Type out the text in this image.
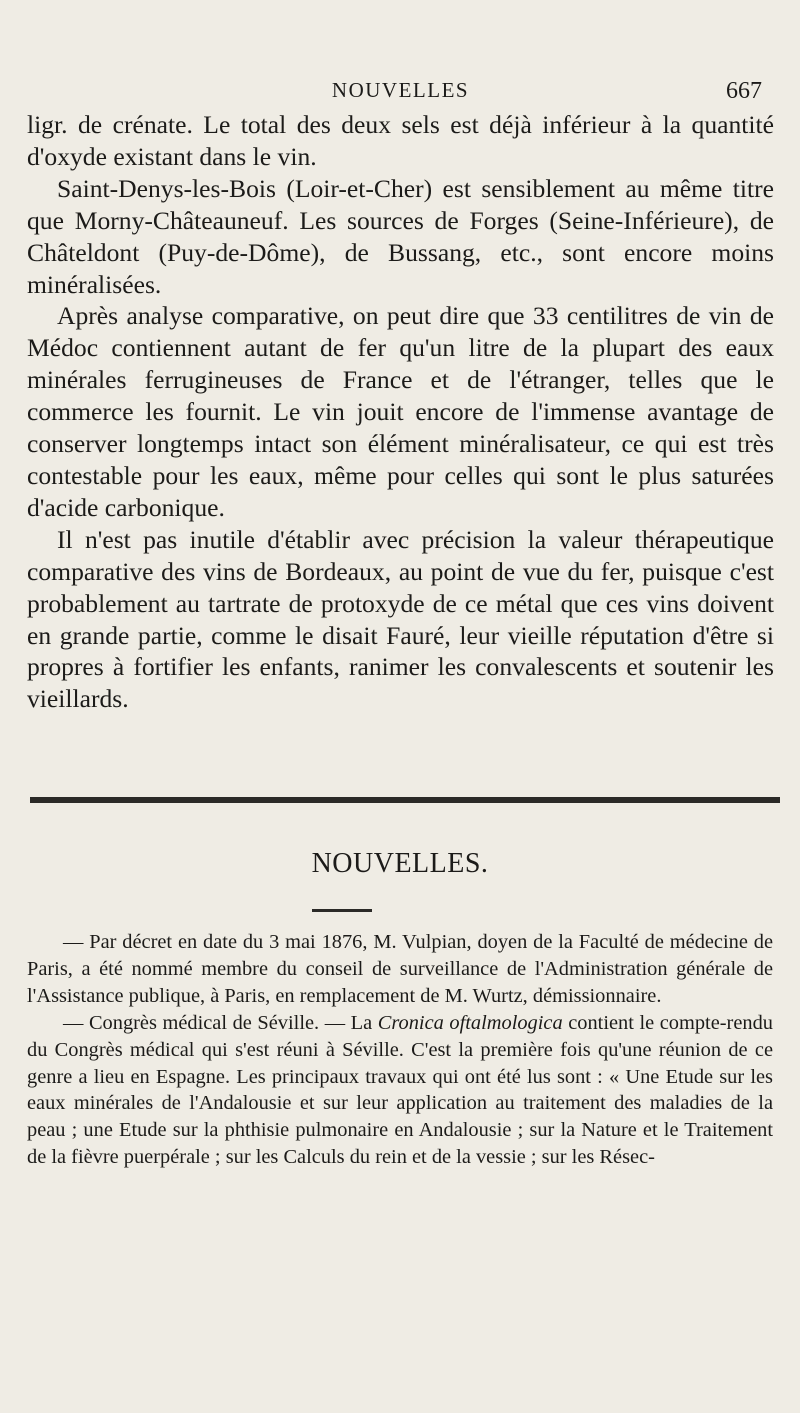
NOUVELLES	667

ligr. de crénate. Le total des deux sels est déjà inférieur à la quantité d'oxyde existant dans le vin.

Saint-Denys-les-Bois (Loir-et-Cher) est sensiblement au même titre que Morny-Châteauneuf. Les sources de Forges (Seine-Inférieure), de Châteldont (Puy-de-Dôme), de Bussang, etc., sont encore moins minéralisées.

Après analyse comparative, on peut dire que 33 centilitres de vin de Médoc contiennent autant de fer qu'un litre de la plupart des eaux minérales ferrugineuses de France et de l'étranger, telles que le commerce les fournit. Le vin jouit encore de l'immense avantage de conserver longtemps intact son élément minéralisateur, ce qui est très contestable pour les eaux, même pour celles qui sont le plus saturées d'acide carbonique.

Il n'est pas inutile d'établir avec précision la valeur thérapeutique comparative des vins de Bordeaux, au point de vue du fer, puisque c'est probablement au tartrate de protoxyde de ce métal que ces vins doivent en grande partie, comme le disait Fauré, leur vieille réputation d'être si propres à fortifier les enfants, ranimer les convalescents et soutenir les vieillards.

NOUVELLES.

— Par décret en date du 3 mai 1876, M. Vulpian, doyen de la Faculté de médecine de Paris, a été nommé membre du conseil de surveillance de l'Administration générale de l'Assistance publique, à Paris, en remplacement de M. Wurtz, démissionnaire.

— Congrès médical de Séville. — La Cronica oftalmologica contient le compte-rendu du Congrès médical qui s'est réuni à Séville. C'est la première fois qu'une réunion de ce genre a lieu en Espagne. Les principaux travaux qui ont été lus sont : « Une Etude sur les eaux minérales de l'Andalousie et sur leur application au traitement des maladies de la peau ; une Etude sur la phthisie pulmonaire en Andalousie ; sur la Nature et le Traitement de la fièvre puerpérale ; sur les Calculs du rein et de la vessie ; sur les Résec-
